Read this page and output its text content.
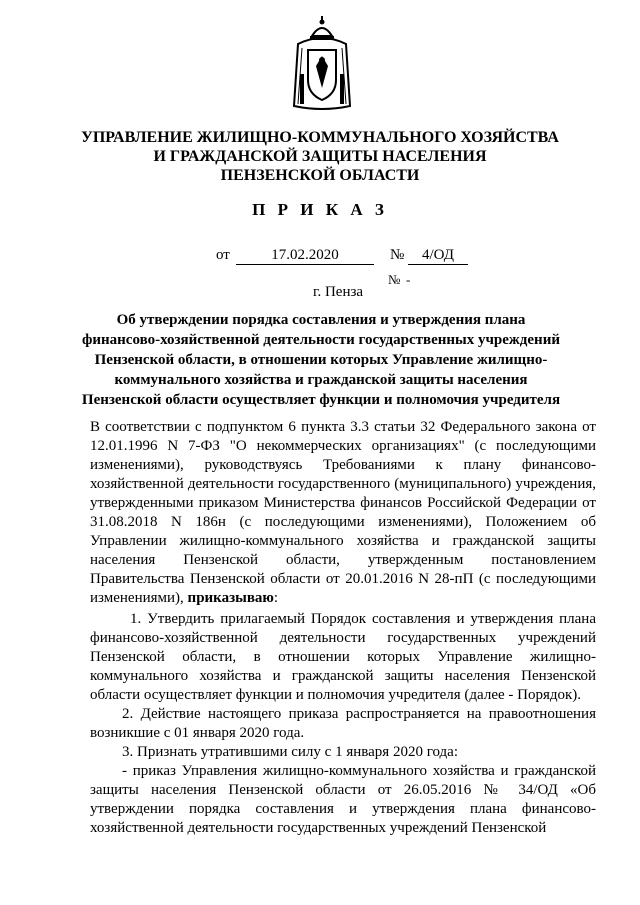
УПРАВЛЕНИЕ ЖИЛИЩНО-КОММУНАЛЬНОГО ХОЗЯЙСТВА
И ГРАЖДАНСКОЙ ЗАЩИТЫ НАСЕЛЕНИЯ
ПЕНЗЕНСКОЙ ОБЛАСТИ
П Р И К А З
от	17.02.2020	№	4/ОД
№ -
г. Пенза
Об утверждении порядка составления и утверждения плана финансово-хозяйственной деятельности государственных учреждений Пензенской области, в отношении которых Управление жилищно-коммунального хозяйства и гражданской защиты населения Пензенской области осуществляет функции и полномочия учредителя

В соответствии с подпунктом 6 пункта 3.3 статьи 32 Федерального закона от 12.01.1996 N 7-ФЗ "О некоммерческих организациях" (с последующими изменениями), руководствуясь Требованиями к плану финансово-хозяйственной деятельности государственного (муниципального) учреждения, утвержденными приказом Министерства финансов Российской Федерации от 31.08.2018 N 186н (с последующими изменениями), Положением об Управлении жилищно-коммунального хозяйства и гражданской защиты населения Пензенской области, утвержденным постановлением Правительства Пензенской области от 20.01.2016 N 28-пП (с последующими изменениями), приказываю:

1. Утвердить прилагаемый Порядок составления и утверждения плана финансово-хозяйственной деятельности государственных учреждений Пензенской области, в отношении которых Управление жилищно-коммунального хозяйства и гражданской защиты населения Пензенской области осуществляет функции и полномочия учредителя (далее - Порядок).

2. Действие настоящего приказа распространяется на правоотношения возникшие с 01 января 2020 года.

3. Признать утратившими силу с 1 января 2020 года:

- приказ Управления жилищно-коммунального хозяйства и гражданской защиты населения Пензенской области от 26.05.2016 № 34/ОД «Об утверждении порядка составления и утверждения плана финансово-хозяйственной деятельности государственных учреждений Пензенской
